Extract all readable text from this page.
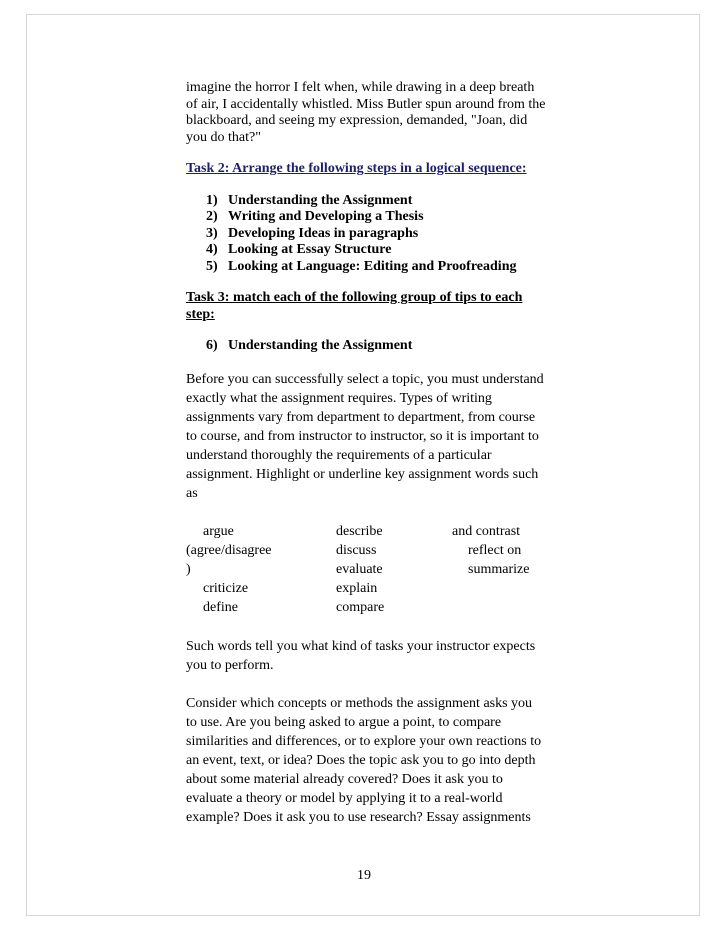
imagine the horror I felt when, while drawing in a deep breath of air, I accidentally whistled. Miss Butler spun around from the blackboard, and seeing my expression, demanded, "Joan, did you do that?"

Task 2: Arrange the following steps in a logical sequence:

1) Understanding the Assignment
2) Writing and Developing a Thesis
3) Developing Ideas in paragraphs
4) Looking at Essay Structure
5) Looking at Language: Editing and Proofreading

Task 3: match each of the following group of tips to each
step:

6) Understanding the Assignment

Before you can successfully select a topic, you must understand exactly what the assignment requires. Types of writing assignments vary from department to department, from course to course, and from instructor to instructor, so it is important to understand thoroughly the requirements of a particular assignment. Highlight or underline key assignment words such as

argue
(agree/disagree
)
criticize
define
describe
discuss
evaluate
explain
compare
and contrast
reflect on
summarize

Such words tell you what kind of tasks your instructor expects you to perform.

Consider which concepts or methods the assignment asks you to use. Are you being asked to argue a point, to compare similarities and differences, or to explore your own reactions to an event, text, or idea? Does the topic ask you to go into depth about some material already covered? Does it ask you to evaluate a theory or model by applying it to a real-world example? Does it ask you to use research? Essay assignments

19
